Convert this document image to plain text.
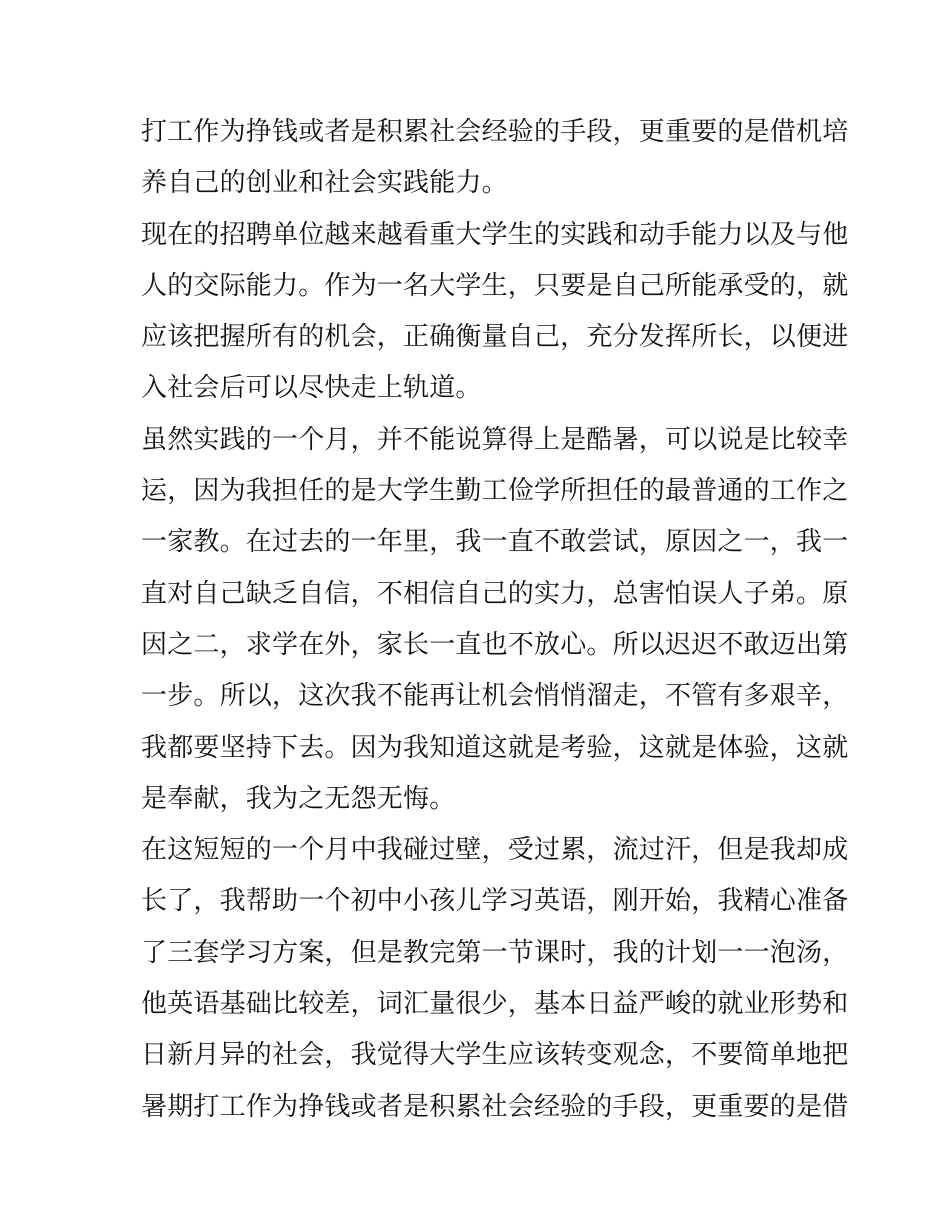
打工作为挣钱或者是积累社会经验的手段，更重要的是借机培
养自己的创业和社会实践能力。
现在的招聘单位越来越看重大学生的实践和动手能力以及与他
人的交际能力。作为一名大学生，只要是自己所能承受的，就
应该把握所有的机会，正确衡量自己，充分发挥所长，以便进
入社会后可以尽快走上轨道。
虽然实践的一个月，并不能说算得上是酷暑，可以说是比较幸
运，因为我担任的是大学生勤工俭学所担任的最普通的工作之
一家教。在过去的一年里，我一直不敢尝试，原因之一，我一
直对自己缺乏自信，不相信自己的实力，总害怕误人子弟。原
因之二，求学在外，家长一直也不放心。所以迟迟不敢迈出第
一步。所以，这次我不能再让机会悄悄溜走，不管有多艰辛，
我都要坚持下去。因为我知道这就是考验，这就是体验，这就
是奉献，我为之无怨无悔。
在这短短的一个月中我碰过壁，受过累，流过汗，但是我却成
长了，我帮助一个初中小孩儿学习英语，刚开始，我精心准备
了三套学习方案，但是教完第一节课时，我的计划一一泡汤，
他英语基础比较差，词汇量很少，基本日益严峻的就业形势和
日新月异的社会，我觉得大学生应该转变观念，不要简单地把
暑期打工作为挣钱或者是积累社会经验的手段，更重要的是借
